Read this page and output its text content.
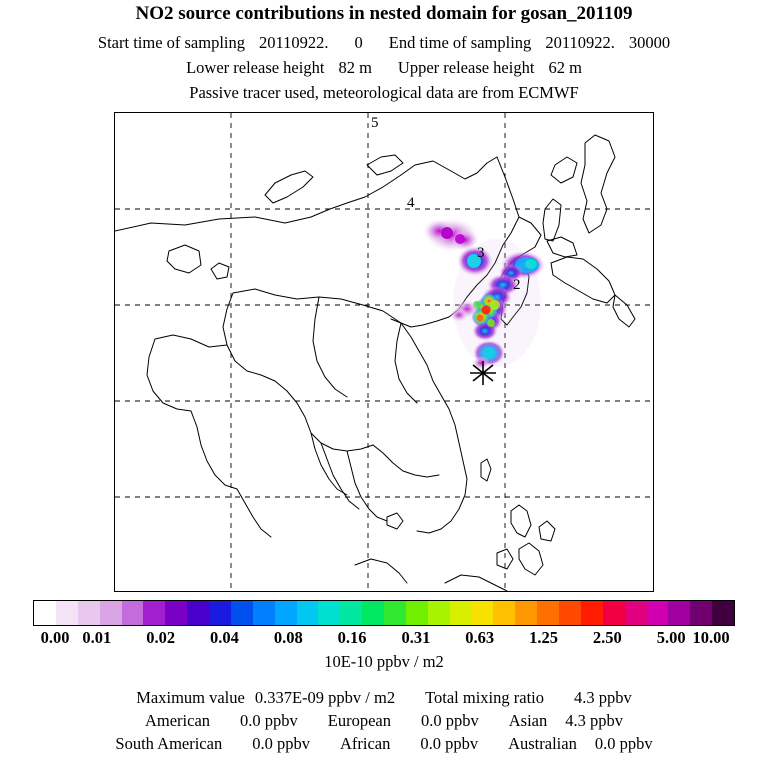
NO2 source contributions in nested domain for gosan_201109
Start time of sampling 20110922. 0 End time of sampling 20110922. 30000
Lower release height 82 m Upper release height 62 m
Passive tracer used, meteorological data are from ECMWF
5
4
3
2
0.00 0.01 0.02 0.04 0.08 0.16 0.31 0.63 1.25 2.50 5.00 10.00
10E-10 ppbv / m2
Maximum value 0.337E-09 ppbv / m2 Total mixing ratio 4.3 ppbv
American 0.0 ppbv European 0.0 ppbv Asian 4.3 ppbv
South American 0.0 ppbv African 0.0 ppbv Australian 0.0 ppbv
